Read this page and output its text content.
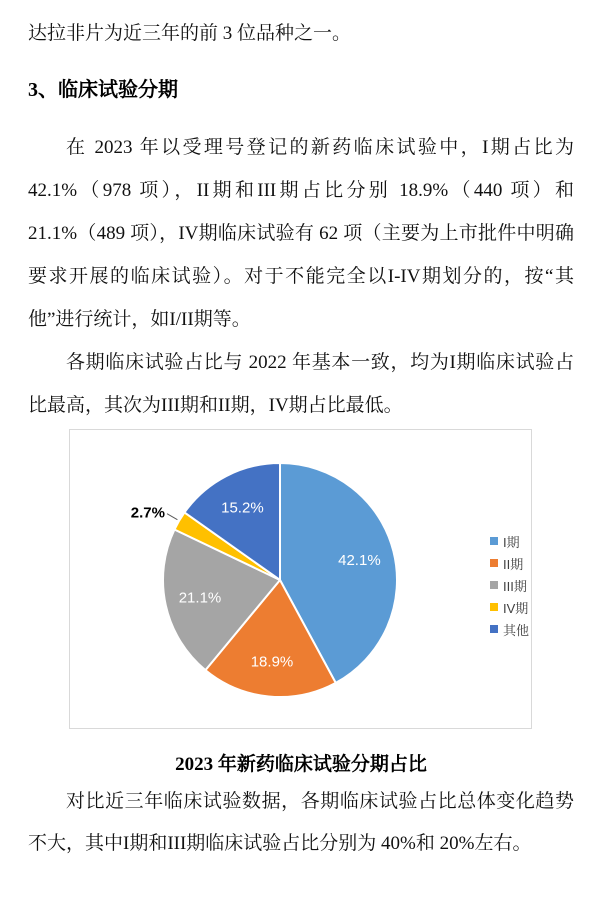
达拉非片为近三年的前 3 位品种之一。

3、临床试验分期

在 2023 年以受理号登记的新药临床试验中，I期占比为 42.1%（978 项），II期和III期占比分别 18.9%（440 项）和 21.1%（489 项），IV期临床试验有 62 项（主要为上市批件中明确要求开展的临床试验）。对于不能完全以I-IV期划分的，按“其他”进行统计，如I/II期等。

各期临床试验占比与 2022 年基本一致，均为I期临床试验占比最高，其次为III期和II期，IV期占比最低。

42.1%
18.9%
21.1%
2.7%	15.2%
I期
II期
III期
IV期
其他

2023 年新药临床试验分期占比

对比近三年临床试验数据，各期临床试验占比总体变化趋势不大，其中I期和III期临床试验占比分别为 40%和 20%左右。
